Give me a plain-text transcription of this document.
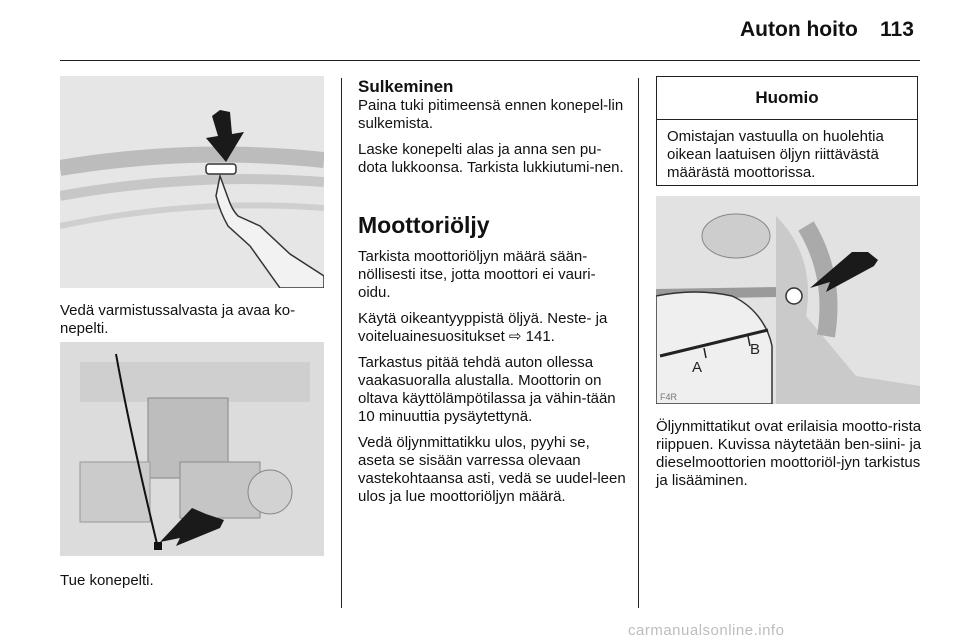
Auton hoito 113
Vedä varmistussalvasta ja avaa ko-nepelti.
Tue konepelti.
Sulkeminen

Paina tuki pitimeensä ennen konepel-lin sulkemista.

Laske konepelti alas ja anna sen pu-dota lukkoonsa. Tarkista lukkiutumi-nen.

Moottoriöljy

Tarkista moottoriöljyn määrä sään-nöllisesti itse, jotta moottori ei vauri-oidu.

Käytä oikeantyyppistä öljyä. Neste- ja voiteluainesuositukset ⇨ 141.

Tarkastus pitää tehdä auton ollessa vaakasuoralla alustalla. Moottorin on oltava käyttölämpötilassa ja vähin-tään 10 minuuttia pysäytettynä.

Vedä öljynmittatikku ulos, pyyhi se, aseta se sisään varressa olevaan vastekohtaansa asti, vedä se uudel-leen ulos ja lue moottoriöljyn määrä.

Huomio
Omistajan vastuulla on huolehtia oikean laatuisen öljyn riittävästä määrästä moottorissa.
A
B
F4R
Öljynmittatikut ovat erilaisia mootto-rista riippuen. Kuvissa näytetään ben-siini- ja dieselmoottorien moottoriöl-jyn tarkistus ja lisääminen.
carmanualsonline.info
